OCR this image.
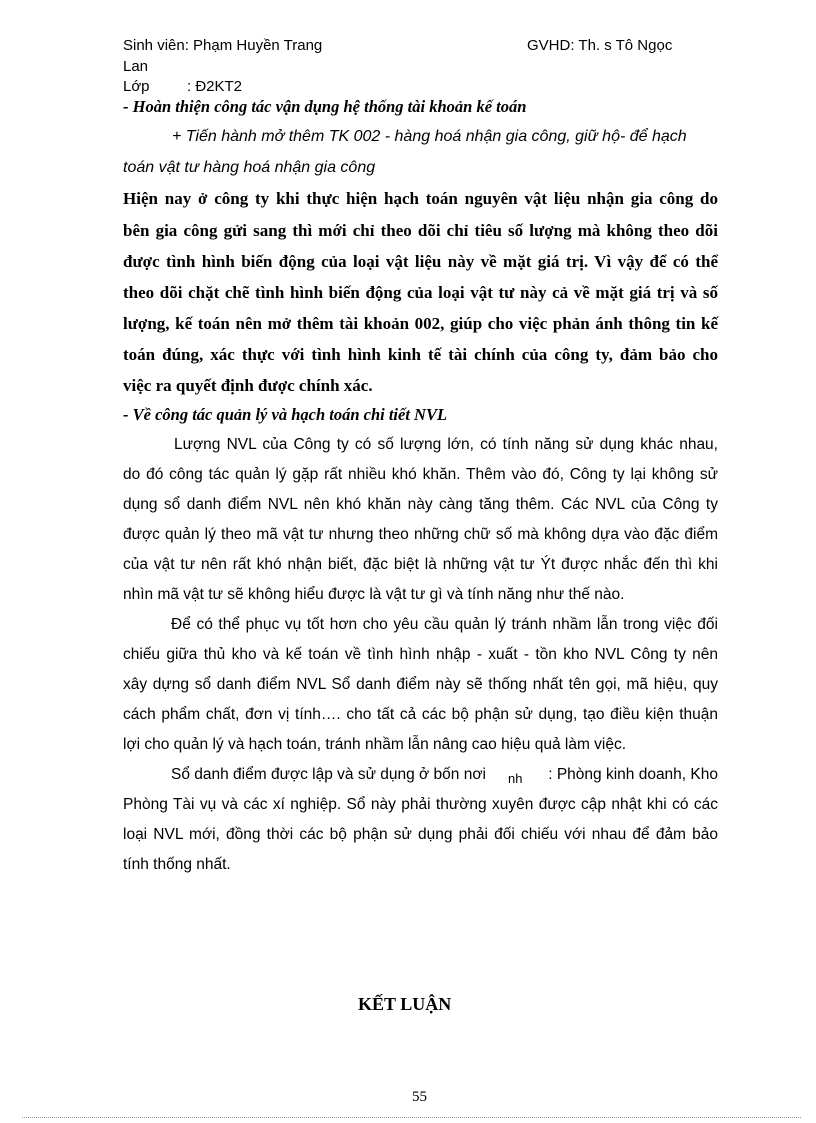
Sinh viên: Phạm Huyền Trang	GVHD: Th. s Tô Ngọc
Lan
Lớp : Đ2KT2
- Hoàn thiện công tác vận dụng hệ thống tài khoản kế toán
+ Tiến hành mở thêm TK 002 - hàng hoá nhận gia công, giữ hộ- để hạch
toán vật tư hàng hoá nhận gia công
Hiện nay ở công ty khi thực hiện hạch toán nguyên vật liệu nhận gia công do
bên gia công gửi sang thì mới chỉ theo dõi chỉ tiêu số lượng mà không theo dõi
được tình hình biến động của loại vật liệu này về mặt giá trị. Vì vậy để có thể
theo dõi chặt chẽ tình hình biến động của loại vật tư này cả về mặt giá trị và số
lượng, kế toán nên mở thêm tài khoản 002, giúp cho việc phản ánh thông tin kế
toán đúng, xác thực với tình hình kinh tế tài chính của công ty, đảm bảo cho
việc ra quyết định được chính xác.
- Về công tác quản lý và hạch toán chi tiết NVL
Lượng NVL của Công ty có số lượng lớn, có tính năng sử dụng khác nhau,
do đó công tác quản lý gặp rất nhiều khó khăn. Thêm vào đó, Công ty lại không sử
dụng sổ danh điểm NVL nên khó khăn này càng tăng thêm. Các NVL của Công ty
được quản lý theo mã vật tư nhưng theo những chữ số mà không dựa vào đặc điểm
của vật tư nên rất khó nhận biết, đặc biệt là những vật tư Ýt được nhắc đến thì khi
nhìn mã vật tư sẽ không hiểu được là vật tư gì và tính năng như thế nào.
Để có thể phục vụ tốt hơn cho yêu cầu quản lý tránh nhầm lẫn trong việc đối
chiếu giữa thủ kho và kế toán về tình hình nhập - xuất - tồn kho NVL Công ty nên
xây dựng sổ danh điểm NVL Sổ danh điểm này sẽ thống nhất tên gọi, mã hiệu, quy
cách phẩm chất, đơn vị tính…. cho tất cả các bộ phận sử dụng, tạo điều kiện thuận
lợi cho quản lý và hạch toán, tránh nhầm lẫn nâng cao hiệu quả làm việc.
Sổ danh điểm được lập và sử dụng ở bốn nơi $_{nh}$	: Phòng kinh doanh, Kho
Phòng Tài vụ và các xí nghiệp. Sổ này phải thường xuyên được cập nhật khi có các
loại NVL mới, đồng thời các bộ phận sử dụng phải đối chiếu với nhau để đảm bảo
tính thống nhất.
KẾT LUẬN
55
